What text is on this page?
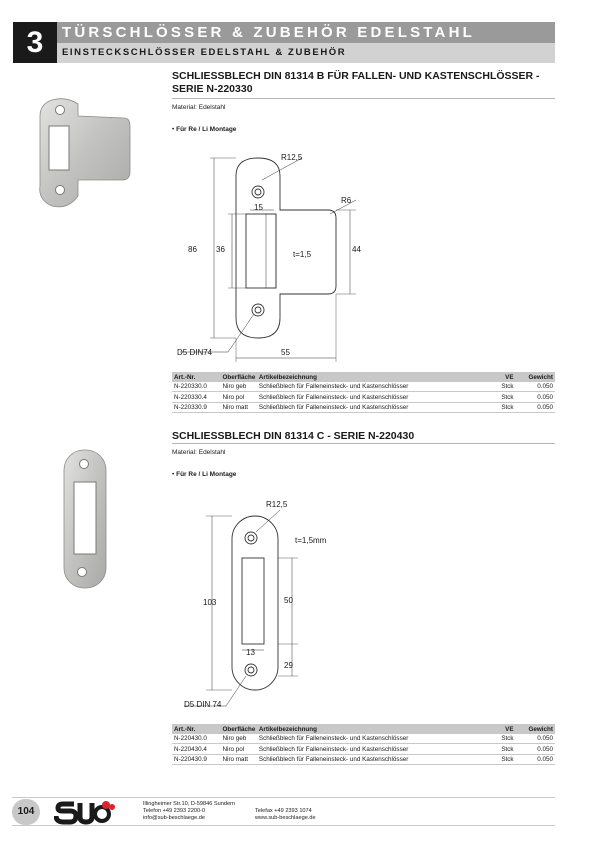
3	TÜRSCHLÖSSER & ZUBEHÖR EDELSTAHL
EINSTECKSCHLÖSSER EDELSTAHL & ZUBEHÖR
SCHLIESSBLECH DIN 81314 B FÜR FALLEN- UND KASTENSCHLÖSSER - SERIE N-220330
Material: Edelstahl
• Für Re / Li Montage
R12,5
R6
15
t=1,5
86 36	44
55
D5 DIN74
Art.-Nr.	Oberfläche	Artikelbezeichnung	VE	Gewicht
N-220330.0	Niro geb	Schließblech für Falleneinsteck- und Kastenschlösser	Stck	0.050
N-220330.4	Niro pol	Schließblech für Falleneinsteck- und Kastenschlösser	Stck	0.050
N-220330.9	Niro matt	Schließblech für Falleneinsteck- und Kastenschlösser	Stck	0.050
SCHLIESSBLECH DIN 81314 C - SERIE N-220430
Material: Edelstahl
• Für Re / Li Montage
R12,5
t=1,5mm
103	50
13
29
D5 DIN 74
Art.-Nr.	Oberfläche	Artikelbezeichnung	VE	Gewicht
N-220430.0	Niro geb	Schließblech für Falleneinsteck- und Kastenschlösser	Stck	0.050
N-220430.4	Niro pol	Schließblech für Falleneinsteck- und Kastenschlösser	Stck	0.050
N-220430.9	Niro matt	Schließblech für Falleneinsteck- und Kastenschlösser	Stck	0.050
104
Illingheimer Str.10, D-59846 Sundern
Telefon +49 2393 2200-0	Telefax +49 2393 1074
info@sub-beschlaege.de	www.sub-beschlaege.de
